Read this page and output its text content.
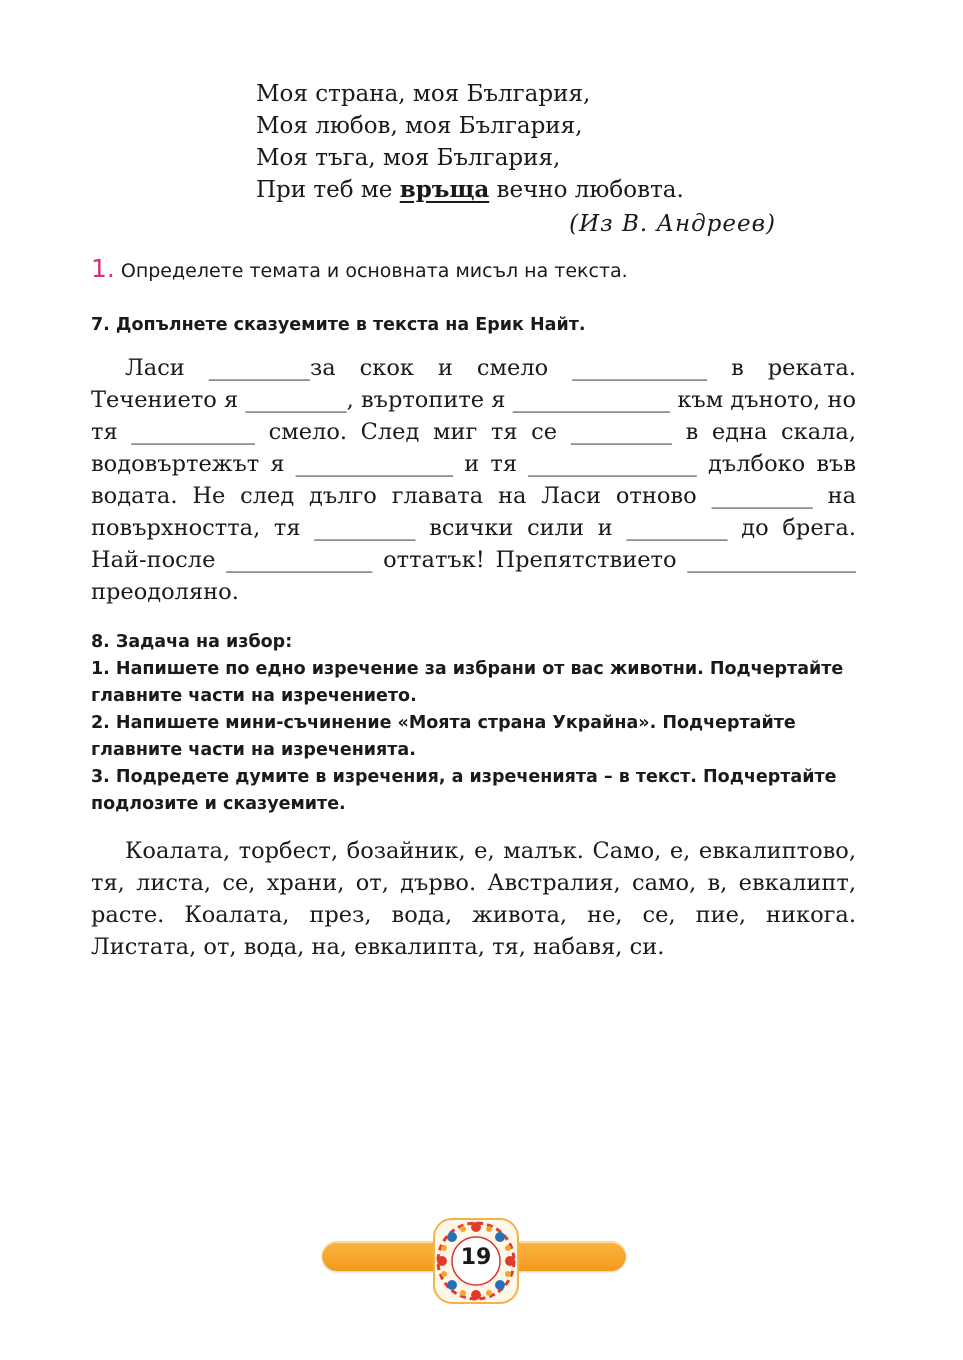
Моя страна, моя България,
Моя любов, моя България,
Моя тъга, моя България,
При теб ме връща вечно любовта.
(Из В. Андреев)
1. Определете темата и основната мисъл на текста.
7. Допълнете сказуемите в текста на Ерик Найт.
Ласи _________за скок и смело ____________ в реката. Течението я _________, въртопите я ______________ към дъното, но тя ___________ смело. След миг тя се _________ в една скала, водовъртежът я ______________ и тя _______________ дълбоко във водата. Не след дълго главата на Ласи отново _________ на повърхността, тя _________ всички сили и _________ до брега. Най-после _____________ оттатък! Препятствието _______________ преодоляно.
8. Задача на избор:
1. Напишете по едно изречение за избрани от вас животни. Подчертайте главните части на изречението.
2. Напишете мини-съчинение «Моята страна Украйна». Подчертайте главните части на изреченията.
3. Подредете думите в изречения, а изреченията – в текст. Подчертайте подлозите и сказуемите.
Коалата, торбест, бозайник, е, малък. Само, е, евкалиптово, тя, листа, се, храни, от, дърво. Австралия, само, в, евкалипт, расте. Коалата, през, вода, живота, не, се, пие, никога. Листата, от, вода, на, евкалипта, тя, набавя, си.
19
